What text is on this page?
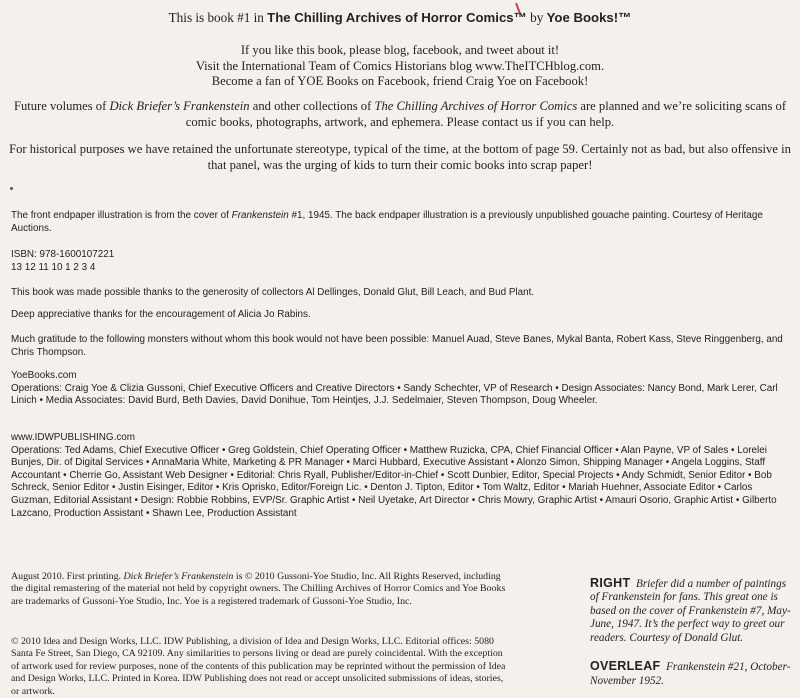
This is book #1 in The Chilling Archives of Horror Comics™ by Yoe Books!™
If you like this book, please blog, facebook, and tweet about it!
Visit the International Team of Comics Historians blog www.TheITCHblog.com.
Become a fan of YOE Books on Facebook, friend Craig Yoe on Facebook!
Future volumes of Dick Briefer’s Frankenstein and other collections of The Chilling Archives of Horror Comics are planned and we’re soliciting scans of comic books, photographs, artwork, and ephemera. Please contact us if you can help.
For historical purposes we have retained the unfortunate stereotype, typical of the time, at the bottom of page 59. Certainly not as bad, but also offensive in that panel, was the urging of kids to turn their comic books into scrap paper!

The front endpaper illustration is from the cover of Frankenstein #1, 1945. The back endpaper illustration is a previously unpublished gouache painting. Courtesy of Heritage Auctions.

ISBN: 978-1600107221

13 12 11 10 1 2 3 4

This book was made possible thanks to the generosity of collectors Al Dellinges, Donald Glut, Bill Leach, and Bud Plant.

Deep appreciative thanks for the encouragement of Alicia Jo Rabins.

Much gratitude to the following monsters without whom this book would not have been possible: Manuel Auad, Steve Banes, Mykal Banta, Robert Kass, Steve Ringgenberg, and Chris Thompson.

YoeBooks.com

Operations: Craig Yoe & Clizia Gussoni, Chief Executive Officers and Creative Directors • Sandy Schechter, VP of Research • Design Associates: Nancy Bond, Mark Lerer, Carl Linich • Media Associates: David Burd, Beth Davies, David Donihue, Tom Heintjes, J.J. Sedelmaier, Steven Thompson, Doug Wheeler.

www.IDWPUBLISHING.com

Operations: Ted Adams, Chief Executive Officer • Greg Goldstein, Chief Operating Officer • Matthew Ruzicka, CPA, Chief Financial Officer • Alan Payne, VP of Sales • Lorelei Bunjes, Dir. of Digital Services • AnnaMaria White, Marketing & PR Manager • Marci Hubbard, Executive Assistant • Alonzo Simon, Shipping Manager • Angela Loggins, Staff Accountant • Cherrie Go, Assistant Web Designer • Editorial: Chris Ryall, Publisher/Editor-in-Chief • Scott Dunbier, Editor, Special Projects • Andy Schmidt, Senior Editor • Bob Schreck, Senior Editor • Justin Eisinger, Editor • Kris Oprisko, Editor/Foreign Lic. • Denton J. Tipton, Editor • Tom Waltz, Editor • Mariah Huehner, Associate Editor • Carlos Guzman, Editorial Assistant • Design: Robbie Robbins, EVP/Sr. Graphic Artist • Neil Uyetake, Art Director • Chris Mowry, Graphic Artist • Amauri Osorio, Graphic Artist • Gilberto Lazcano, Production Assistant • Shawn Lee, Production Assistant

August 2010. First printing. Dick Briefer’s Frankenstein is © 2010 Gussoni-Yoe Studio, Inc. All Rights Reserved, including the digital remastering of the material not held by copyright owners. The Chilling Archives of Horror Comics and Yoe Books are trademarks of Gussoni-Yoe Studio, Inc. Yoe is a registered trademark of Gussoni-Yoe Studio, Inc.
© 2010 Idea and Design Works, LLC. IDW Publishing, a division of Idea and Design Works, LLC. Editorial offices: 5080 Santa Fe Street, San Diego, CA 92109. Any similarities to persons living or dead are purely coincidental. With the exception of artwork used for review purposes, none of the contents of this publication may be reprinted without the permission of Idea and Design Works, LLC. Printed in Korea. IDW Publishing does not read or accept unsolicited submissions of ideas, stories, or artwork.
RIGHT Briefer did a number of paintings of Frankenstein for fans. This great one is based on the cover of Frankenstein #7, May-June, 1947. It’s the perfect way to greet our readers. Courtesy of Donald Glut.
OVERLEAF Frankenstein #21, October-November 1952.
